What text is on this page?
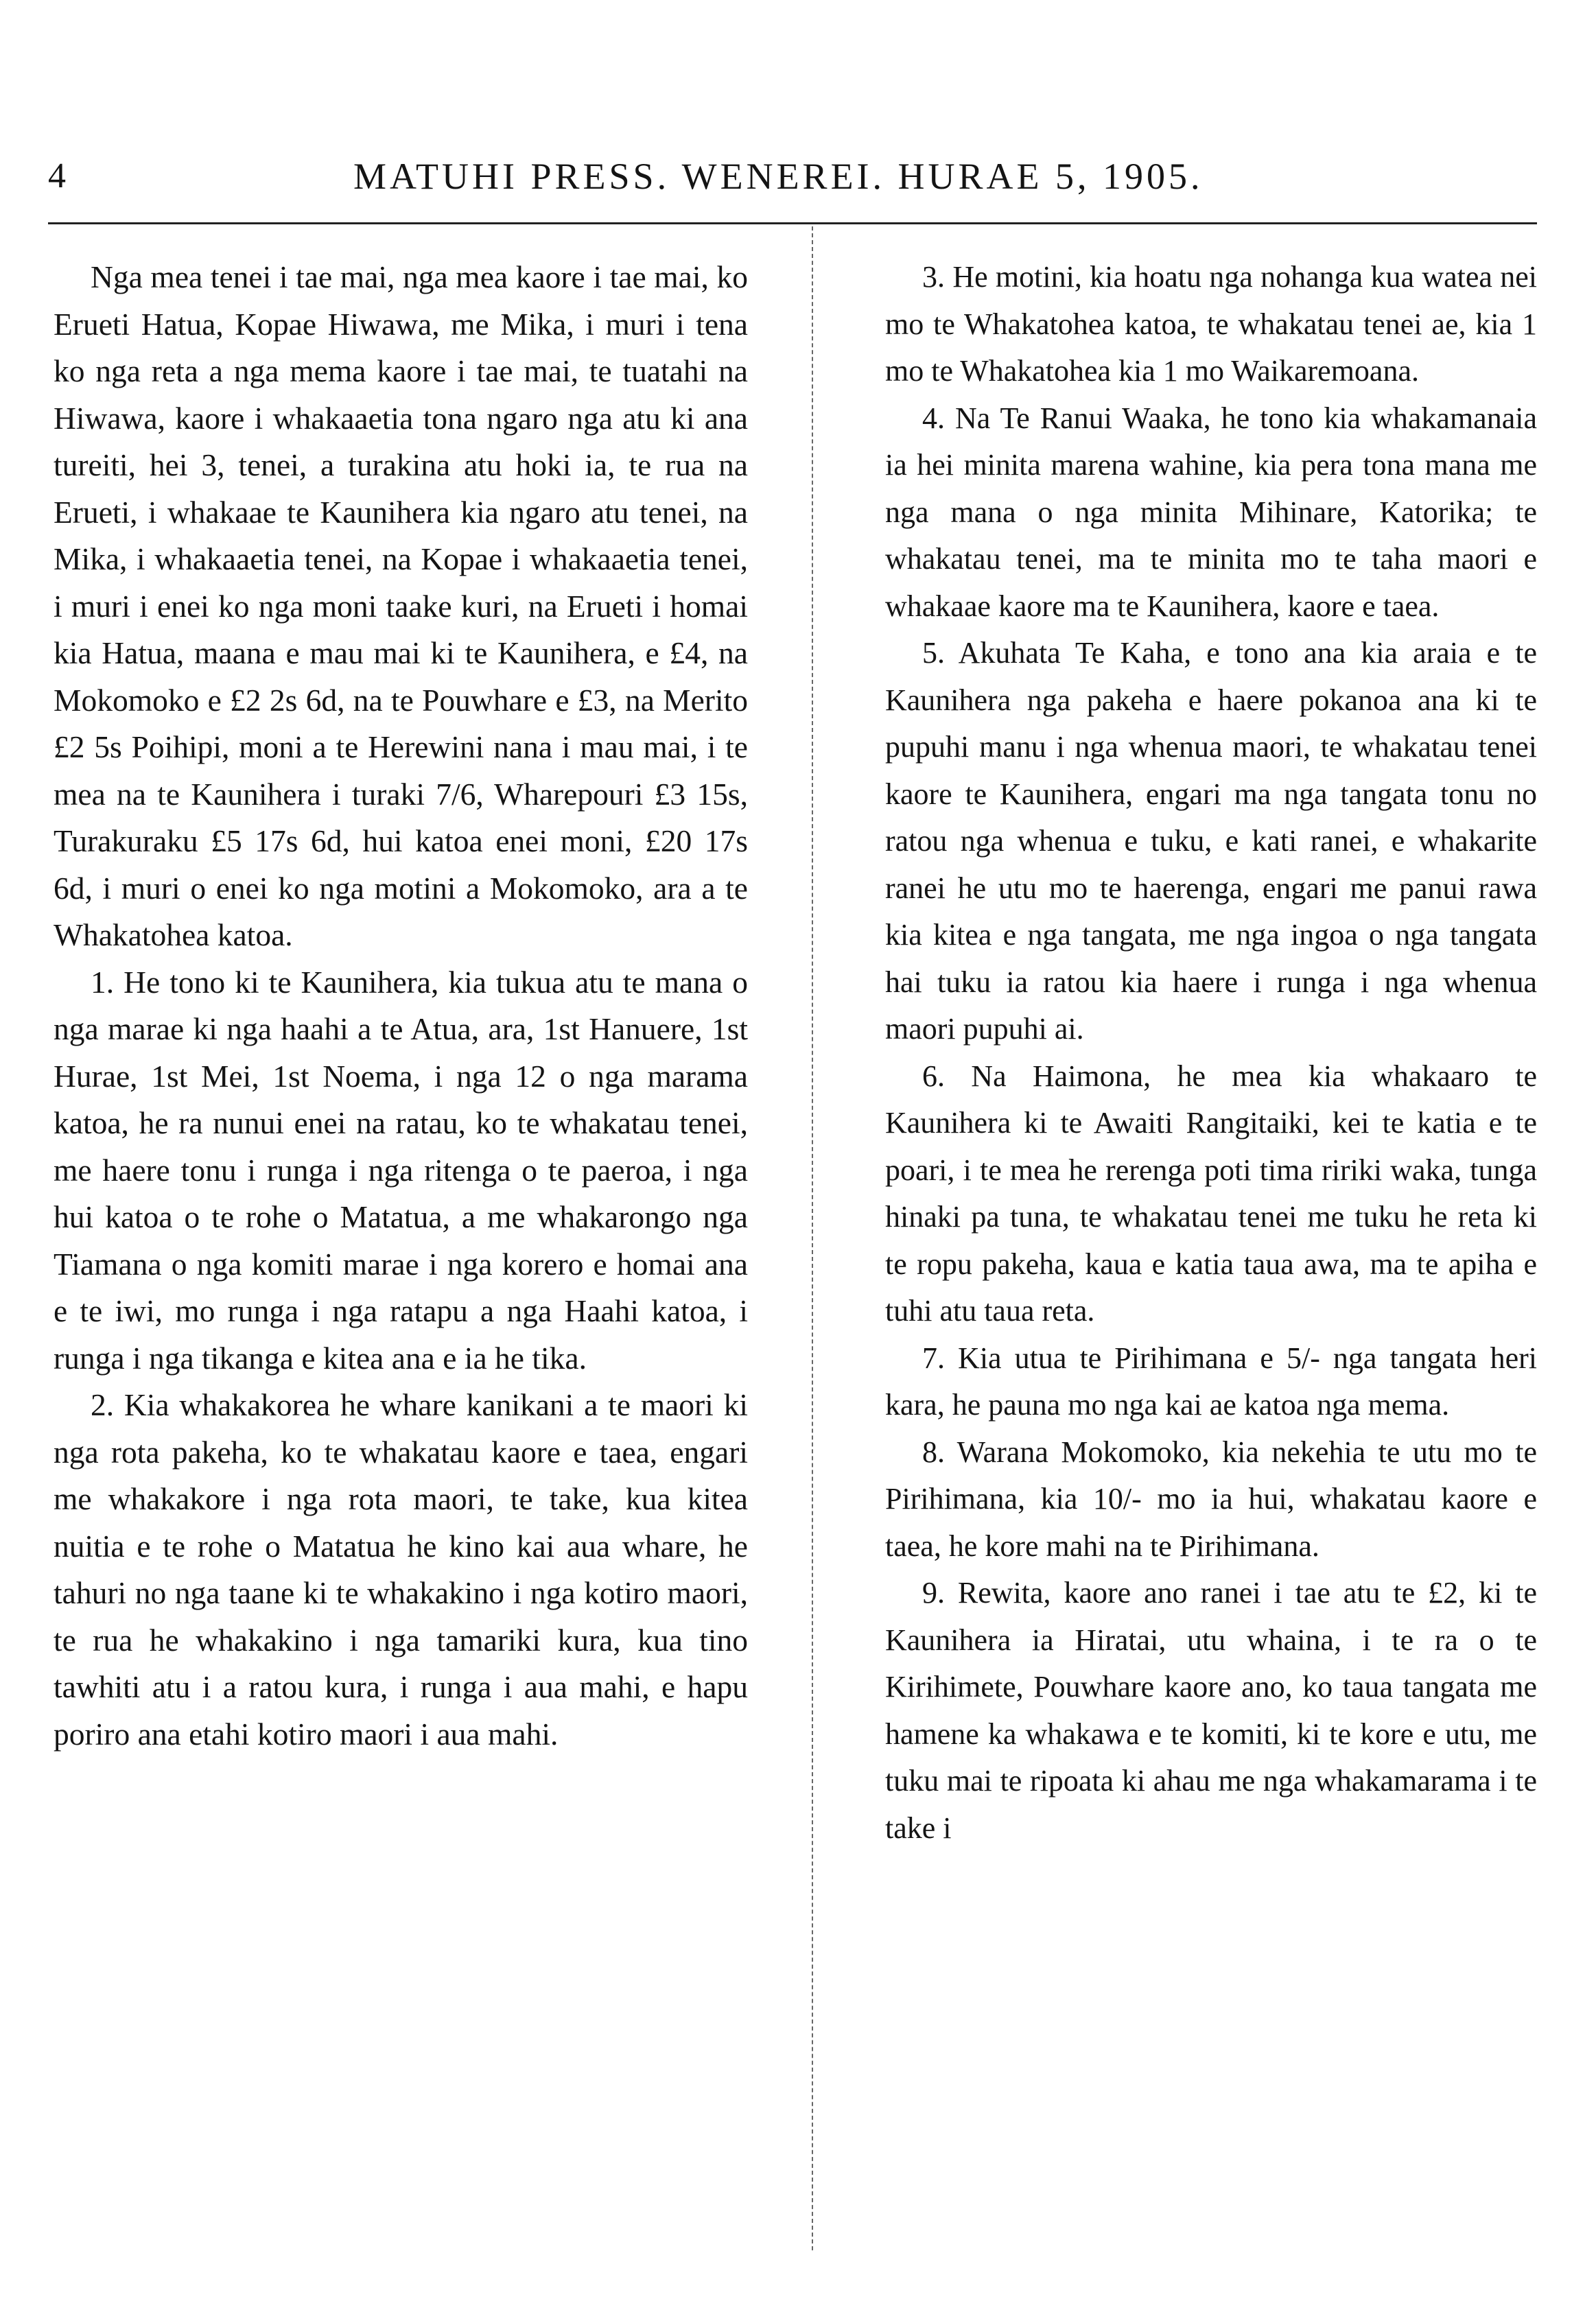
4	MATUHI PRESS. WENEREI. HURAE 5, 1905.

Nga mea tenei i tae mai, nga mea kaore i tae mai, ko Erueti Hatua, Kopae Hiwawa, me Mika, i muri i tena ko nga reta a nga mema kaore i tae mai, te tuatahi na Hiwawa, kaore i whakaaetia tona ngaro nga atu ki ana tureiti, hei 3, tenei, a turakina atu hoki ia, te rua na Erueti, i whakaae te Kaunihera kia ngaro atu tenei, na Mika, i whakaaetia tenei, na Kopae i whakaaetia tenei, i muri i enei ko nga moni taake kuri, na Erueti i homai kia Hatua, maana e mau mai ki te Kaunihera, e £4, na Mokomoko e £2 2s 6d, na te Pouwhare e £3, na Merito £2 5s Poihipi, moni a te Herewini nana i mau mai, i te mea na te Kaunihera i turaki 7/6, Wharepouri £3 15s, Turakuraku £5 17s 6d, hui katoa enei moni, £20 17s 6d, i muri o enei ko nga motini a Mokomoko, ara a te Whakatohea katoa.

1. He tono ki te Kaunihera, kia tukua atu te mana o nga marae ki nga haahi a te Atua, ara, 1st Hanuere, 1st Hurae, 1st Mei, 1st Noema, i nga 12 o nga marama katoa, he ra nunui enei na ratau, ko te whakatau tenei, me haere tonu i runga i nga ritenga o te paeroa, i nga hui katoa o te rohe o Matatua, a me whakarongo nga Tiamana o nga komiti marae i nga korero e homai ana e te iwi, mo runga i nga ratapu a nga Haahi katoa, i runga i nga tikanga e kitea ana e ia he tika.

2. Kia whakakorea he whare kanikani a te maori ki nga rota pakeha, ko te whakatau kaore e taea, engari me whakakore i nga rota maori, te take, kua kitea nuitia e te rohe o Matatua he kino kai aua whare, he tahuri no nga taane ki te whakakino i nga kotiro maori, te rua he whakakino i nga tamariki kura, kua tino tawhiti atu i a ratou kura, i runga i aua mahi, e hapu poriro ana etahi kotiro maori i aua mahi.

3. He motini, kia hoatu nga nohanga kua watea nei mo te Whakatohea katoa, te whakatau tenei ae, kia 1 mo te Whakatohea kia 1 mo Waikaremoana.

4. Na Te Ranui Waaka, he tono kia whakamanaia ia hei minita marena wahine, kia pera tona mana me nga mana o nga minita Mihinare, Katorika; te whakatau tenei, ma te minita mo te taha maori e whakaae kaore ma te Kaunihera, kaore e taea.

5. Akuhata Te Kaha, e tono ana kia araia e te Kaunihera nga pakeha e haere pokanoa ana ki te pupuhi manu i nga whenua maori, te whakatau tenei kaore te Kaunihera, engari ma nga tangata tonu no ratou nga whenua e tuku, e kati ranei, e whakarite ranei he utu mo te haerenga, engari me panui rawa kia kitea e nga tangata, me nga ingoa o nga tangata hai tuku ia ratou kia haere i runga i nga whenua maori pupuhi ai.

6. Na Haimona, he mea kia whakaaro te Kaunihera ki te Awaiti Rangitaiki, kei te katia e te poari, i te mea he rerenga poti tima ririki waka, tunga hinaki pa tuna, te whakatau tenei me tuku he reta ki te ropu pakeha, kaua e katia taua awa, ma te apiha e tuhi atu taua reta.

7. Kia utua te Pirihimana e 5/- nga tangata heri kara, he pauna mo nga kai ae katoa nga mema.

8. Warana Mokomoko, kia nekehia te utu mo te Pirihimana, kia 10/- mo ia hui, whakatau kaore e taea, he kore mahi na te Pirihimana.

9. Rewita, kaore ano ranei i tae atu te £2, ki te Kaunihera ia Hiratai, utu whaina, i te ra o te Kirihimete, Pouwhare kaore ano, ko taua tangata me hamene ka whakawa e te komiti, ki te kore e utu, me tuku mai te ripoata ki ahau me nga whakamarama i te take i
